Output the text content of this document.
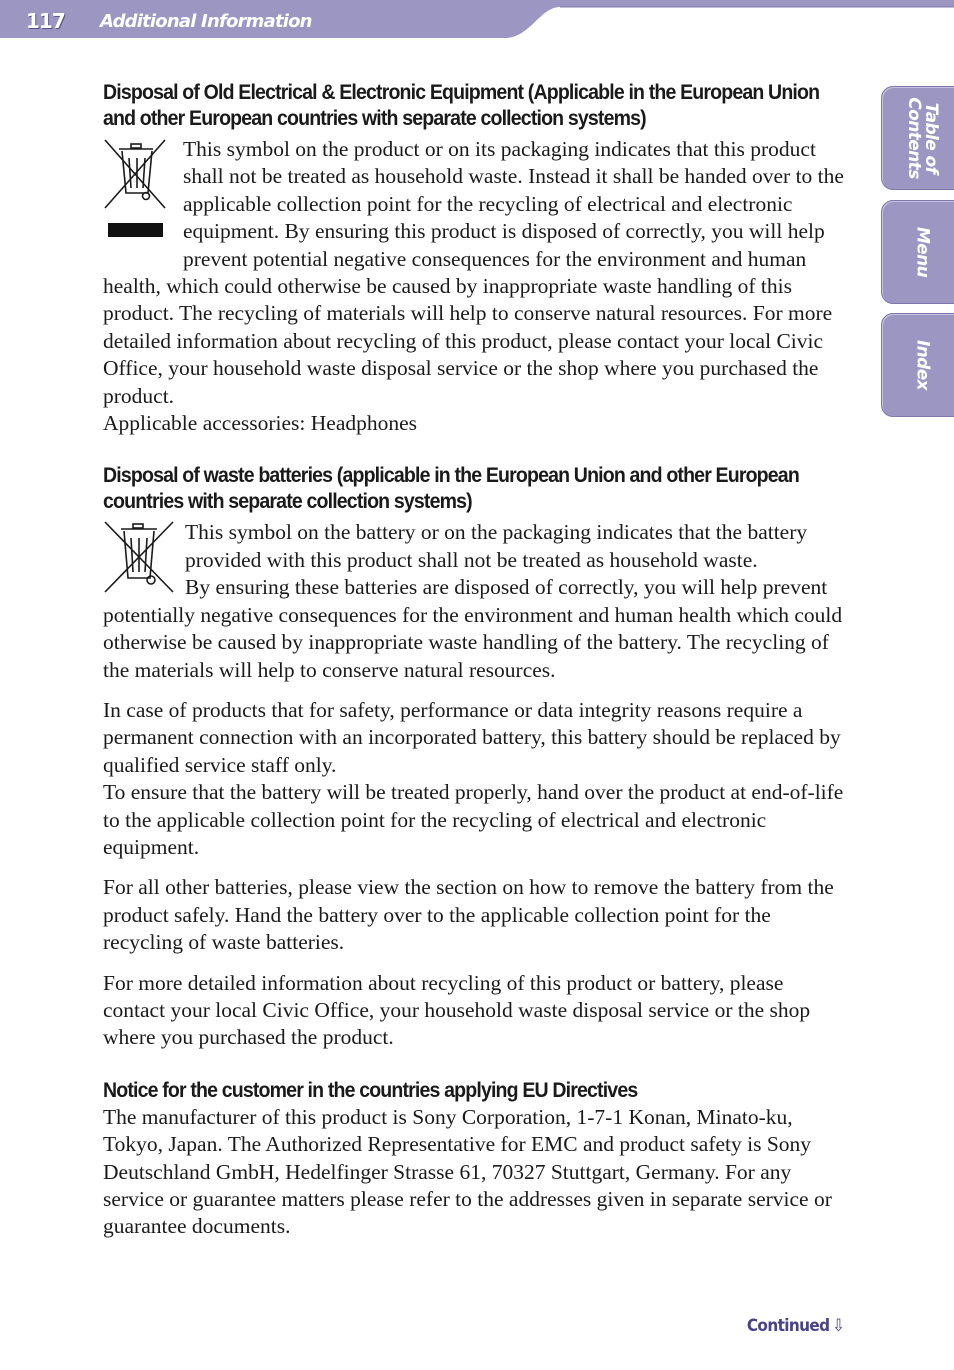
117 Additional Information
Table of
Contents
Menu
Index
Disposal of Old Electrical & Electronic Equipment (Applicable in the European Union and other European countries with separate collection systems)

This symbol on the product or on its packaging indicates that this product shall not be treated as household waste. Instead it shall be handed over to the applicable collection point for the recycling of electrical and electronic equipment. By ensuring this product is disposed of correctly, you will help prevent potential negative consequences for the environment and human health, which could otherwise be caused by inappropriate waste handling of this product. The recycling of materials will help to conserve natural resources. For more detailed information about recycling of this product, please contact your local Civic Office, your household waste disposal service or the shop where you purchased the product.

Applicable accessories: Headphones

Disposal of waste batteries (applicable in the European Union and other European countries with separate collection systems)

This symbol on the battery or on the packaging indicates that the battery provided with this product shall not be treated as household waste.

By ensuring these batteries are disposed of correctly, you will help prevent potentially negative consequences for the environment and human health which could otherwise be caused by inappropriate waste handling of the battery. The recycling of the materials will help to conserve natural resources.

In case of products that for safety, performance or data integrity reasons require a permanent connection with an incorporated battery, this battery should be replaced by qualified service staff only.

To ensure that the battery will be treated properly, hand over the product at end-of-life to the applicable collection point for the recycling of electrical and electronic equipment.

For all other batteries, please view the section on how to remove the battery from the product safely. Hand the battery over to the applicable collection point for the recycling of waste batteries.

For more detailed information about recycling of this product or battery, please contact your local Civic Office, your household waste disposal service or the shop where you purchased the product.

Notice for the customer in the countries applying EU Directives

The manufacturer of this product is Sony Corporation, 1-7-1 Konan, Minato-ku, Tokyo, Japan. The Authorized Representative for EMC and product safety is Sony Deutschland GmbH, Hedelfinger Strasse 61, 70327 Stuttgart, Germany. For any service or guarantee matters please refer to the addresses given in separate service or guarantee documents.

Continued ⇩
